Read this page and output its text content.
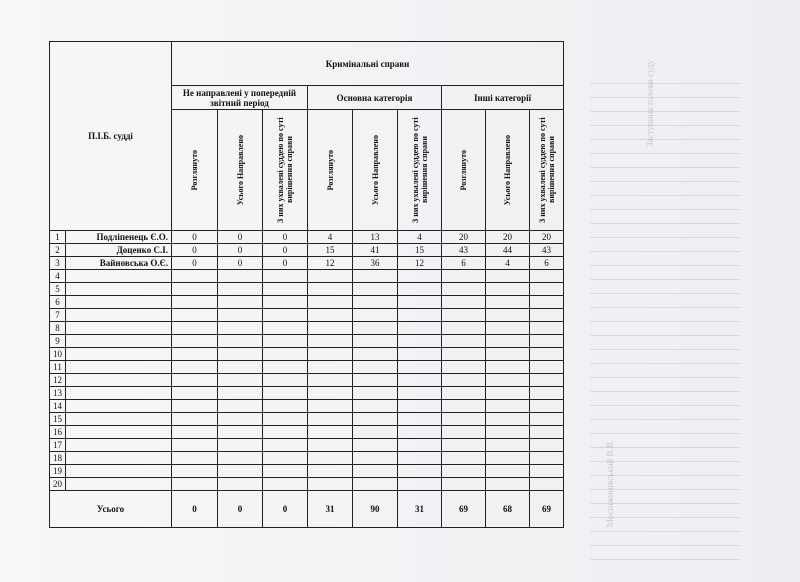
Мосінжинівський В.В.
Заступник голови суду
П.І.Б. судді		Кримінальні справи								
		Не направлені у попередній звітний період			Основна категорія			Інші категорії		

		Розглянуто	Усього Направлено	З них ухвалені суддею по суті вирішення справи	Розглянуто	Усього Направлено	З них ухвалені суддею по суті вирішення справи	Розглянуто	Усього Направлено	З них ухвалені суддею по суті вирішення справи

1	Подліпенець Є.О.	0	0	0	4	13	4	20	20	20
2	Доценко С.І.	0	0	0	15	41	15	43	44	43
3	Вайновська О.Є.	0	0	0	12	36	12	6	4	6
4										
5										
6										
7										
8										
9										
10										
11										
12										
13										
14										
15										
16										
17										
18										
19										
20										
Усього		0	0	0	31	90	31	69	68	69
